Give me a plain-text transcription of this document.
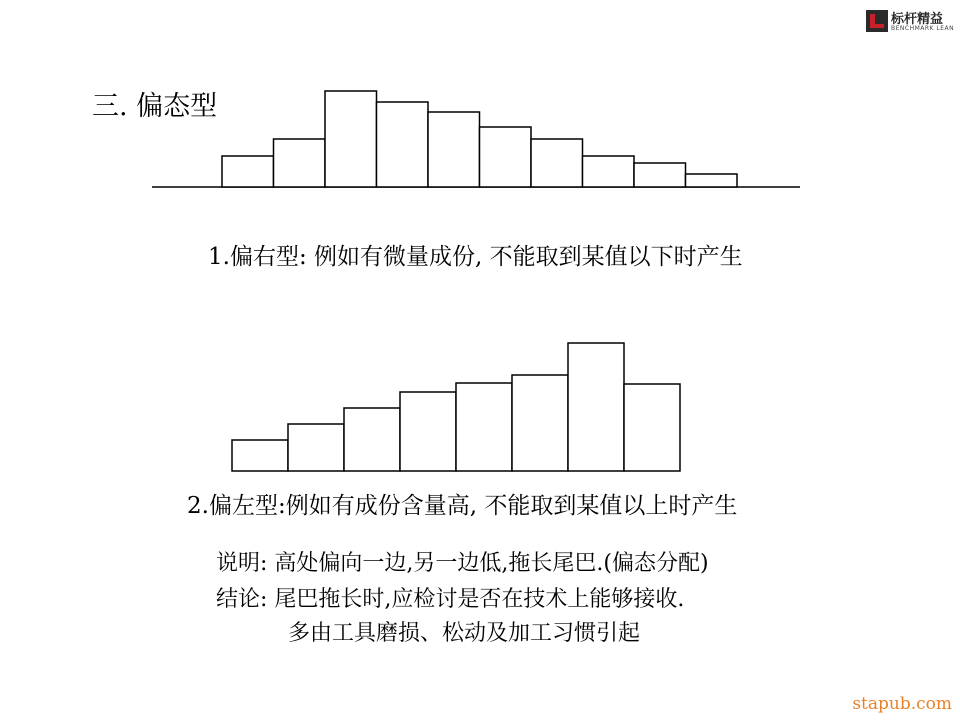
标杆精益
BENCHMARK LEAN
三. 偏态型
1.偏右型: 例如有微量成份, 不能取到某值以下时产生
2.偏左型:例如有成份含量高, 不能取到某值以上时产生
说明: 高处偏向一边,另一边低,拖长尾巴.(偏态分配)
结论: 尾巴拖长时,应检讨是否在技术上能够接收.
多由工具磨损、松动及加工习惯引起
stapub.com
